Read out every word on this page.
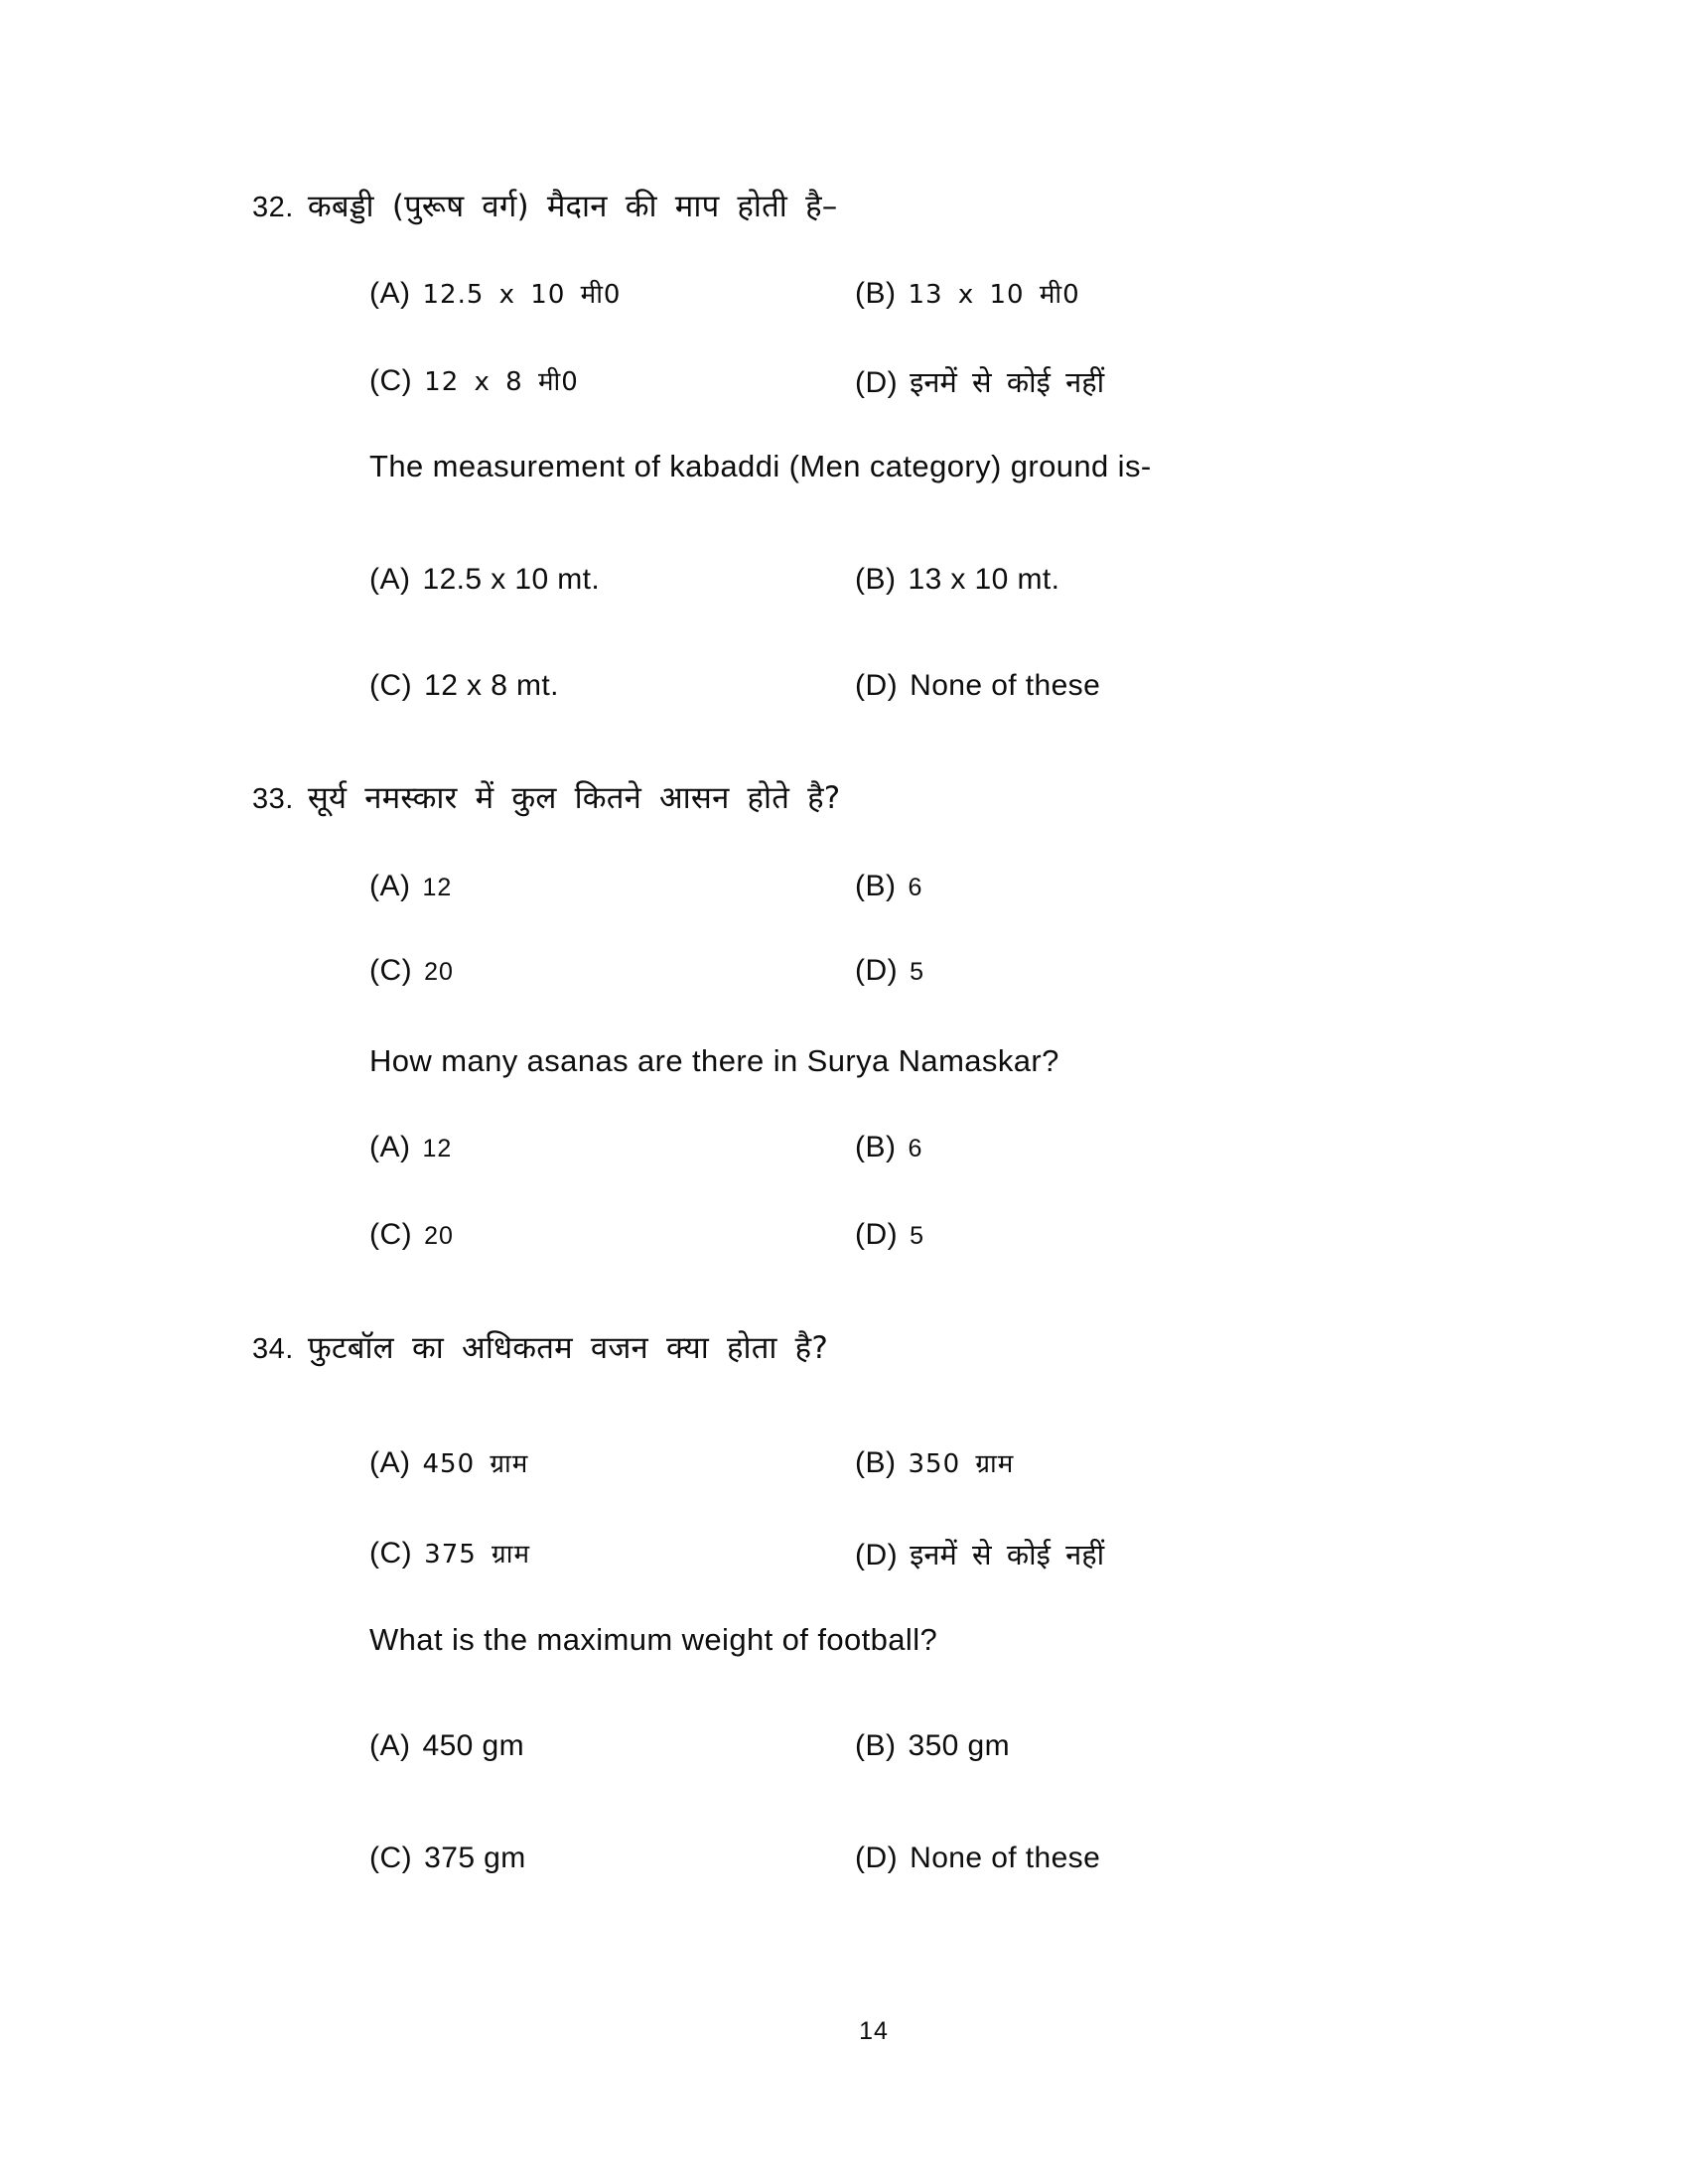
32. कबड्डी (पुरूष वर्ग) मैदान की माप होती है–
(A) 12.5 x 10 मी0	(B) 13 x 10 मी0
(C) 12 x 8 मी0	(D) इनमें से कोई नहीं
The measurement of kabaddi (Men category) ground is-
(A) 12.5 x 10 mt.	(B) 13 x 10 mt.
(C) 12 x 8 mt.	(D) None of these
33. सूर्य नमस्कार में कुल कितने आसन होते है?
(A) 12	(B) 6
(C) 20	(D) 5
How many asanas are there in Surya Namaskar?
(A) 12	(B) 6
(C) 20	(D) 5
34. फुटबॉल का अधिकतम वजन क्या होता है?
(A) 450 ग्राम	(B) 350 ग्राम
(C) 375 ग्राम	(D) इनमें से कोई नहीं
What is the maximum weight of football?
(A) 450 gm	(B) 350 gm
(C) 375 gm	(D) None of these
14
